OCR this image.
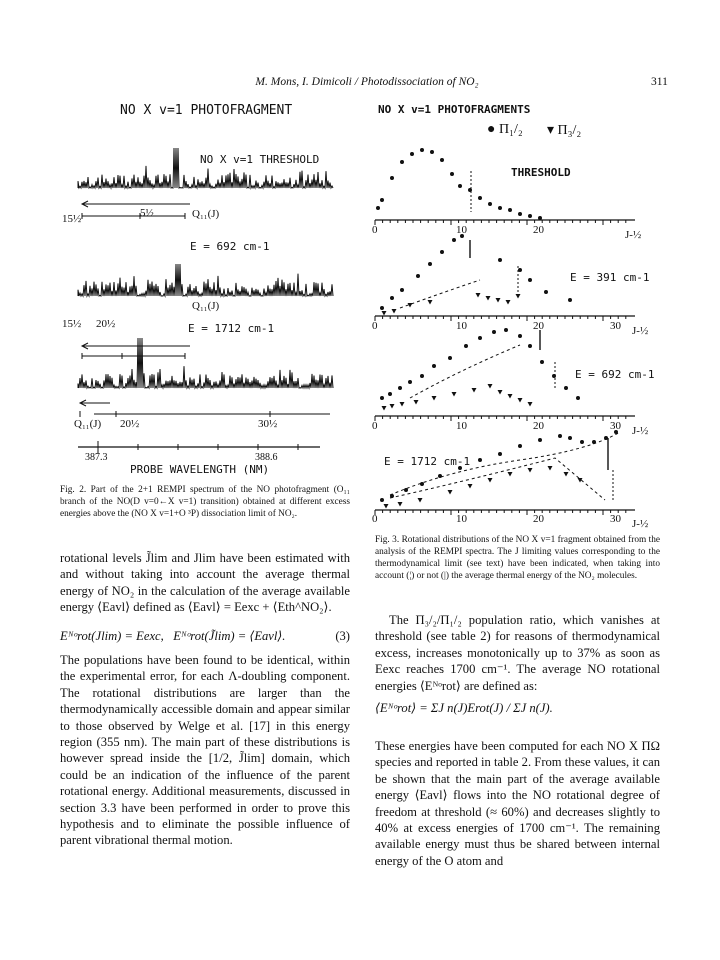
M. Mons, I. Dimicoli / Photodissociation of NO₂	311
NO X v=1 PHOTOFRAGMENT
NO X v=1 THRESHOLD
15½	5½	Q₁₁(J)
E = 692 cm-1
15½ 20½
Q₁₁(J)
E = 1712 cm-1
Q₁₁(J) 20½	30½
387.3	388.6
PROBE WAVELENGTH (NM)
Fig. 2. Part of the 2+1 REMPI spectrum of the NO photofragment (O₁₁ branch of the NO(D v=0←X v=1) transition) obtained at different excess energies above the (NO X v=1+O ³P) dissociation limit of NO₂.
NO X v=1 PHOTOFRAGMENTS
● Π₁/₂ ▾ Π₃/₂
THRESHOLD
E = 391 cm-1
E = 692 cm-1
E = 1712 cm-1
0	10	20	J-½
0	10	20	30 J-½
0	10	20	30 J-½
0	10	20	30 J-½
Fig. 3. Rotational distributions of the NO X v=1 fragment obtained from the analysis of the REMPI spectra. The J limiting values corresponding to the thermodynamical limit (see text) have been indicated, when taking into account (¦) or not (|) the average thermal energy of the NO₂ molecules.
rotational levels J̃lim and Jlim have been estimated with and without taking into account the average thermal energy of NO₂ in the calculation of the average available energy ⟨Eavl⟩ defined as ⟨Eavl⟩ = Eexc + ⟨Eth^NO₂⟩.
Eᴺᵒrot(Jlim) = Eexc, Eᴺᵒrot(J̃lim) = ⟨Eavl⟩.	(3)
The populations have been found to be identical, within the experimental error, for each Λ-doubling component. The rotational distributions are larger than the thermodynamically accessible domain and appear similar to those observed by Welge et al. [17] in this energy region (355 nm). The main part of these distributions is however spread inside the [1/2, J̃lim] domain, which could be an indication of the influence of the parent rotational energy. Additional measurements, discussed in section 3.3 have been performed in order to prove this hypothesis and to eliminate the possible influence of parent vibrational thermal motion.
The Π₃/₂/Π₁/₂ population ratio, which vanishes at threshold (see table 2) for reasons of thermodynamical excess, increases monotonically up to 37% as soon as Eexc reaches 1700 cm⁻¹. The average NO rotational energies ⟨Eᴺᵒrot⟩ are defined as:
⟨Eᴺᵒrot⟩ = ΣJ n(J)Erot(J) / ΣJ n(J).
These energies have been computed for each NO X ΠΩ species and reported in table 2. From these values, it can be shown that the main part of the average available energy ⟨Eavl⟩ flows into the NO rotational degree of freedom at threshold (≈ 60%) and decreases slightly to 40% at excess energies of 1700 cm⁻¹. The remaining available energy must thus be shared between internal energy of the O atom and
